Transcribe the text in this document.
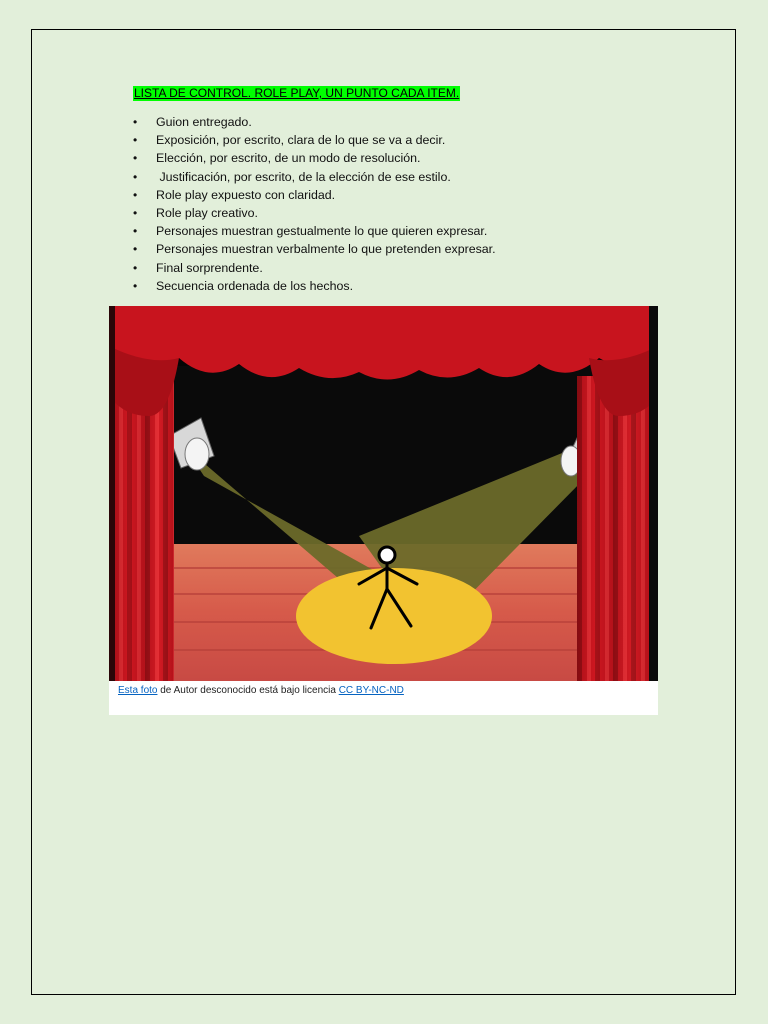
LISTA DE CONTROL. ROLE PLAY, UN PUNTO CADA ITEM.
• Guion entregado.
• Exposición, por escrito, clara de lo que se va a decir.
• Elección, por escrito, de un modo de resolución.
• Justificación, por escrito, de la elección de ese estilo.
• Role play expuesto con claridad.
• Role play creativo.
• Personajes muestran gestualmente lo que quieren expresar.
• Personajes muestran verbalmente lo que pretenden expresar.
• Final sorprendente.
• Secuencia ordenada de los hechos.
Esta foto de Autor desconocido está bajo licencia CC BY-NC-ND
